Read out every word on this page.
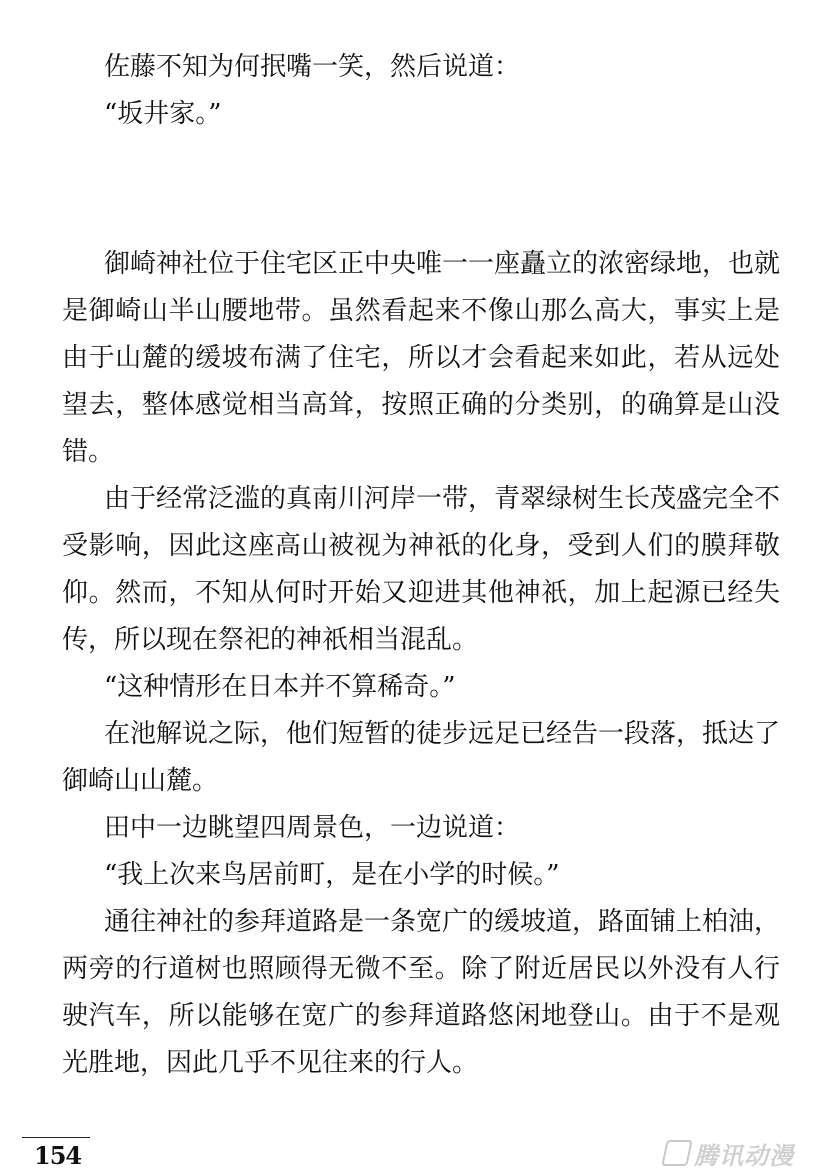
佐藤不知为何抿嘴一笑，然后说道：

“坂井家。”

御崎神社位于住宅区正中央唯一一座矗立的浓密绿地，也就是御崎山半山腰地带。虽然看起来不像山那么高大，事实上是由于山麓的缓坡布满了住宅，所以才会看起来如此，若从远处望去，整体感觉相当高耸，按照正确的分类别，的确算是山没错。

由于经常泛滥的真南川河岸一带，青翠绿树生长茂盛完全不受影响，因此这座高山被视为神祇的化身，受到人们的膜拜敬仰。然而，不知从何时开始又迎进其他神祇，加上起源已经失传，所以现在祭祀的神祇相当混乱。

“这种情形在日本并不算稀奇。”

在池解说之际，他们短暂的徒步远足已经告一段落，抵达了御崎山山麓。

田中一边眺望四周景色，一边说道：

“我上次来鸟居前町，是在小学的时候。”

通往神社的参拜道路是一条宽广的缓坡道，路面铺上柏油，两旁的行道树也照顾得无微不至。除了附近居民以外没有人行驶汽车，所以能够在宽广的参拜道路悠闲地登山。由于不是观光胜地，因此几乎不见往来的行人。

154	腾讯动漫
